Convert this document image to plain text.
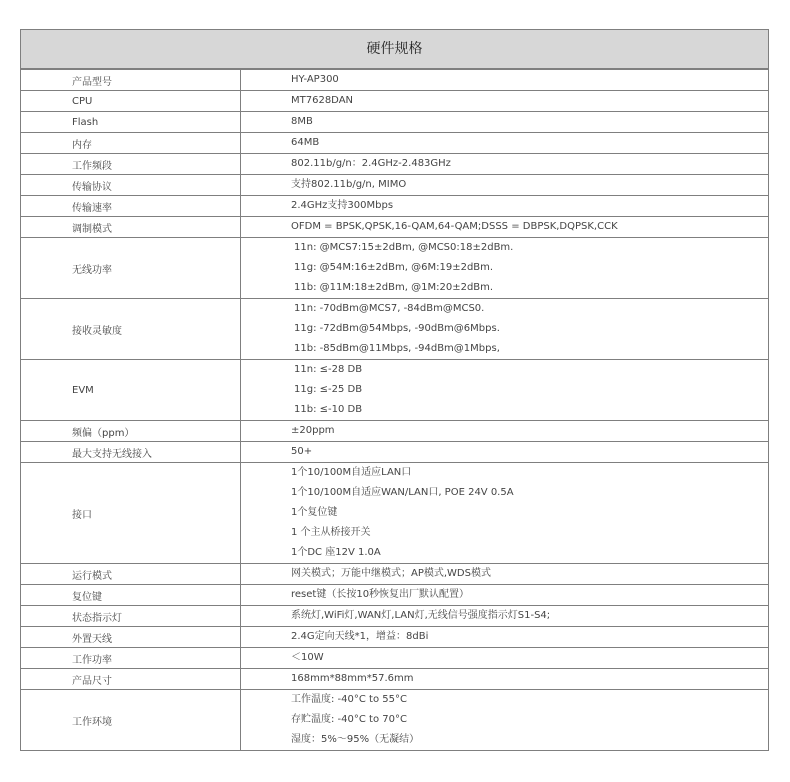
硬件规格
产品型号	HY-AP300

CPU	MT7628DAN

Flash	8MB

内存	64MB

工作频段	802.11b/g/n：2.4GHz-2.483GHz

传输协议	支持802.11b/g/n, MIMO

传输速率	2.4GHz支持300Mbps

调制模式	OFDM = BPSK,QPSK,16-QAM,64-QAM;DSSS = DBPSK,DQPSK,CCK

无线功率	11n: @MCS7:15±2dBm, @MCS0:18±2dBm.
11g: @54M:16±2dBm, @6M:19±2dBm.
11b: @11M:18±2dBm, @1M:20±2dBm.

接收灵敏度	11n: -70dBm@MCS7, -84dBm@MCS0.
11g: -72dBm@54Mbps, -90dBm@6Mbps.
11b: -85dBm@11Mbps, -94dBm@1Mbps,

EVM	11n: ≤-28 DB
11g: ≤-25 DB
11b: ≤-10 DB

频偏（ppm）	±20ppm

最大支持无线接入	50+

接口	1个10/100M自适应LAN口
1个10/100M自适应WAN/LAN口, POE 24V 0.5A
1个复位键
1 个主从桥接开关
1个DC 座12V 1.0A

运行模式	网关模式；万能中继模式；AP模式,WDS模式

复位键	reset键（长按10秒恢复出厂默认配置）

状态指示灯	系统灯,WiFi灯,WAN灯,LAN灯,无线信号强度指示灯S1-S4;

外置天线	2.4G定向天线*1，增益：8dBi

工作功率	＜10W

产品尺寸	168mm*88mm*57.6mm

工作环境	工作温度: -40°C to 55°C
存贮温度: -40°C to 70°C
湿度：5%～95%（无凝结）
